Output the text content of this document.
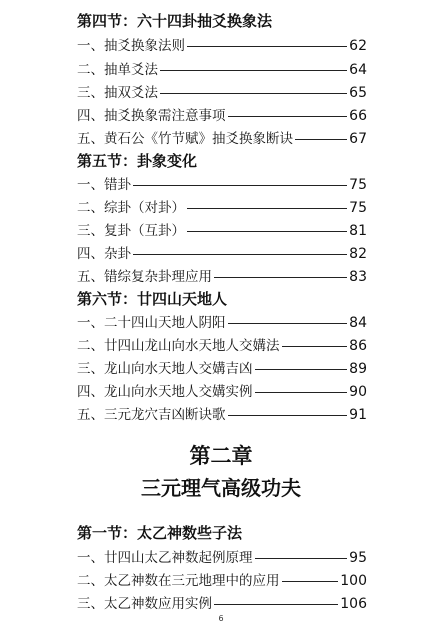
第四节：六十四卦抽爻换象法
一、抽爻换象法则	62
二、抽单爻法	64
三、抽双爻法	65
四、抽爻换象需注意事项	66
五、黄石公《竹节赋》抽爻换象断诀	67
第五节：卦象变化
一、错卦	75
二、综卦（对卦）	75
三、复卦（互卦）	81
四、杂卦	82
五、错综复杂卦理应用	83
第六节：廿四山天地人
一、二十四山天地人阴阳	84
二、廿四山龙山向水天地人交媾法	86
三、龙山向水天地人交媾吉凶	89
四、龙山向水天地人交媾实例	90
五、三元龙穴吉凶断诀歌	91
第二章
三元理气高级功夫
第一节：太乙神数些子法
一、廿四山太乙神数起例原理	95
二、太乙神数在三元地理中的应用	100
三、太乙神数应用实例	106
6
